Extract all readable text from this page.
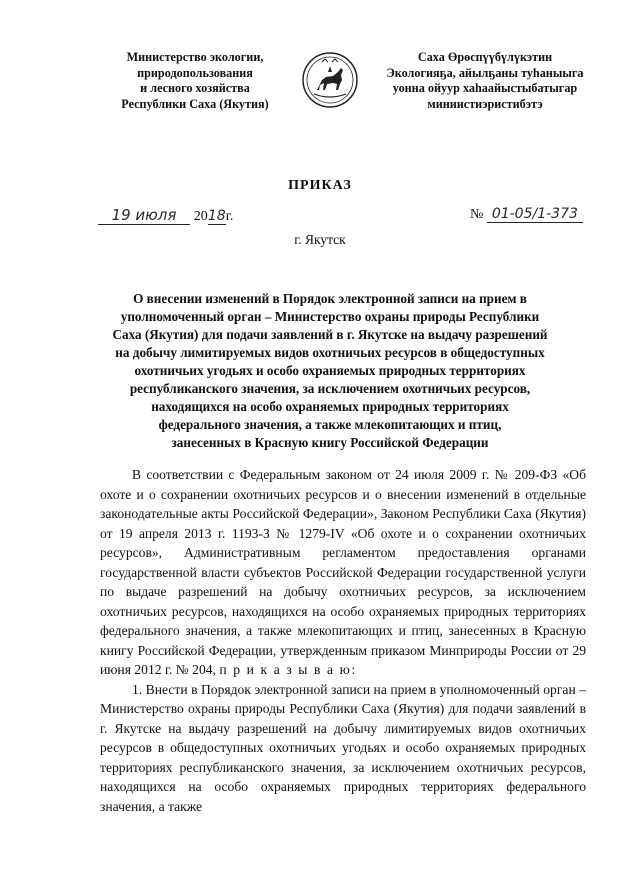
Министерство экологии,
природопользования
и лесного хозяйства
Республики Саха (Якутия)
Саха Өрөспүүбүлүкэтин
Экологияҕа, айылҕаны туһаныыга
уонна ойуур хаһаайыстыбатыгар
миниистиэристибэтэ
ПРИКАЗ
19 июля 2018г.	№ 01-05/1-373
г. Якутск
О внесении изменений в Порядок электронной записи на прием в
уполномоченный орган – Министерство охраны природы Республики
Саха (Якутия) для подачи заявлений в г. Якутске на выдачу разрешений
на добычу лимитируемых видов охотничьих ресурсов в общедоступных
охотничьих угодьях и особо охраняемых природных территориях
республиканского значения, за исключением охотничьих ресурсов,
находящихся на особо охраняемых природных территориях
федерального значения, а также млекопитающих и птиц,
занесенных в Красную книгу Российской Федерации

В соответствии с Федеральным законом от 24 июля 2009 г. № 209-ФЗ «Об охоте и о сохранении охотничьих ресурсов и о внесении изменений в отдельные законодательные акты Российской Федерации», Законом Республики Саха (Якутия) от 19 апреля 2013 г. 1193-З № 1279-IV «Об охоте и о сохранении охотничьих ресурсов», Административным регламентом предоставления органами государственной власти субъектов Российской Федерации государственной услуги по выдаче разрешений на добычу охотничьих ресурсов, за исключением охотничьих ресурсов, находящихся на особо охраняемых природных территориях федерального значения, а также млекопитающих и птиц, занесенных в Красную книгу Российской Федерации, утвержденным приказом Минприроды России от 29 июня 2012 г. № 204, п р и к а з ы в а ю:

1. Внести в Порядок электронной записи на прием в уполномоченный орган – Министерство охраны природы Республики Саха (Якутия) для подачи заявлений в г. Якутске на выдачу разрешений на добычу лимитируемых видов охотничьих ресурсов в общедоступных охотничьих угодьях и особо охраняемых природных территориях республиканского значения, за исключением охотничьих ресурсов, находящихся на особо охраняемых природных территориях федерального значения, а также
